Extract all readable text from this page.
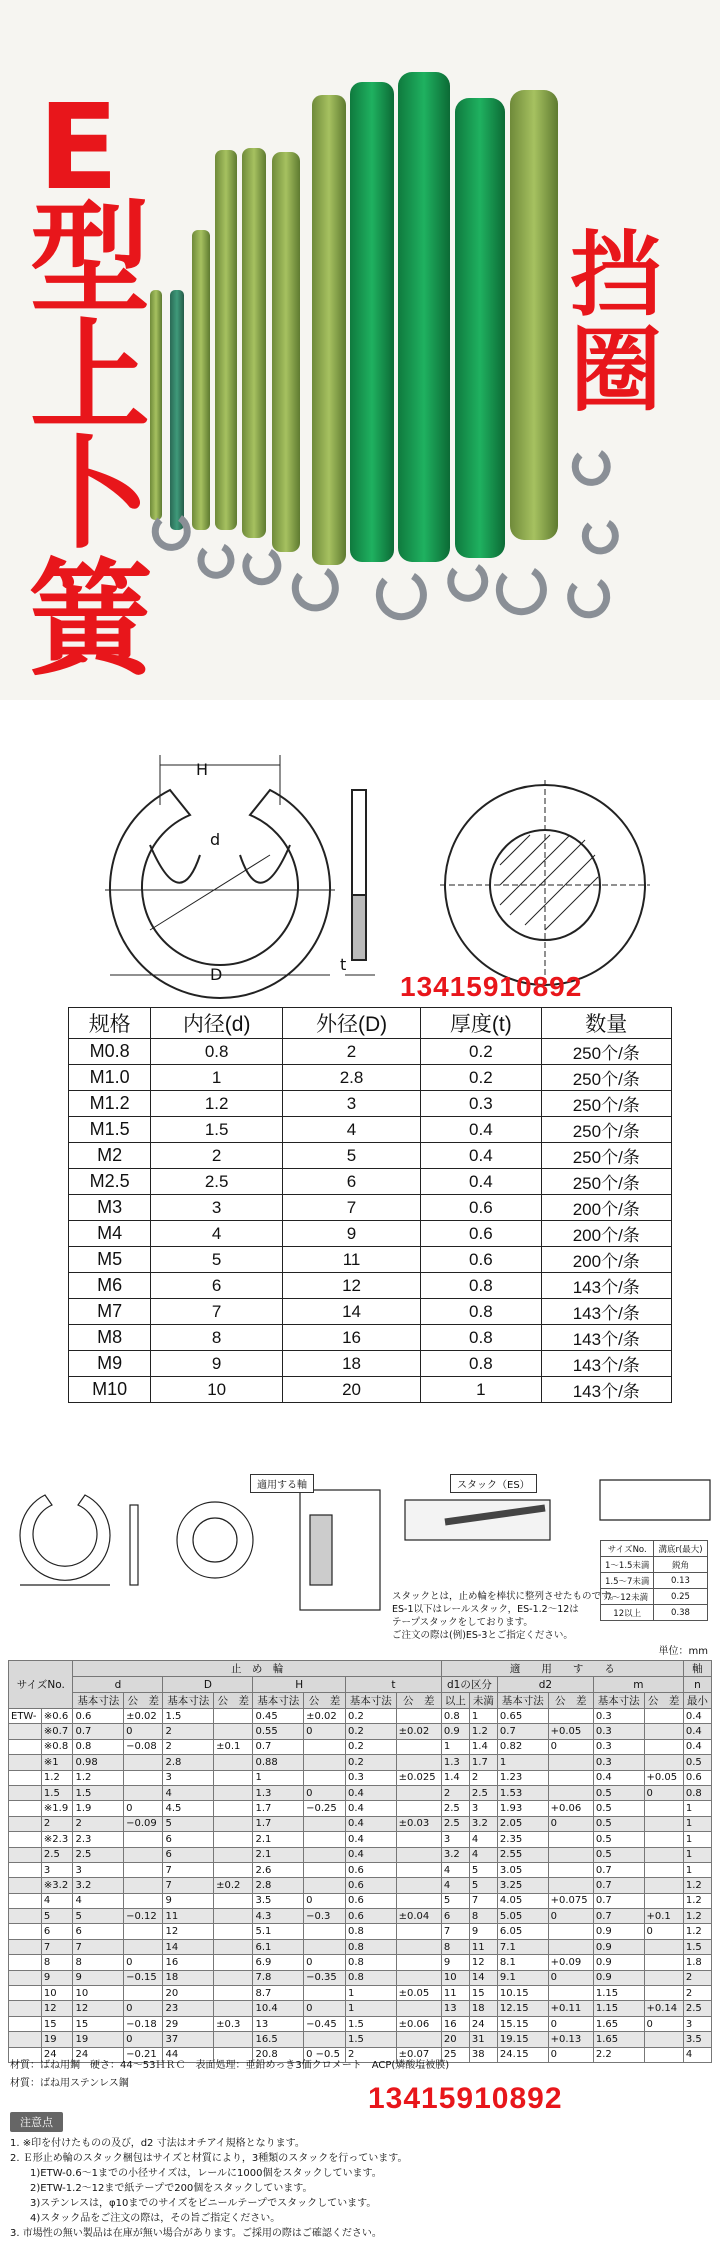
E
型
上
卜
簧
挡
圈
H
d
D
t
13415910892
规格	内径(d)	外径(D)	厚度(t)	数量
M0.8	0.8	2	0.2	250个/条
M1.0	1	2.8	0.2	250个/条
M1.2	1.2	3	0.3	250个/条
M1.5	1.5	4	0.4	250个/条
M2	2	5	0.4	250个/条
M2.5	2.5	6	0.4	250个/条
M3	3	7	0.6	200个/条
M4	4	9	0.6	200个/条
M5	5	11	0.6	200个/条
M6	6	12	0.8	143个/条
M7	7	14	0.8	143个/条
M8	8	16	0.8	143个/条
M9	9	18	0.8	143个/条
M10	10	20	1	143个/条
適用する軸	スタック（ES）
スタックとは，止め輪を棒状に整列させたものです。
ES-1以下はレールスタック，ES-1.2～12は
テープスタックをしております。
ご注文の際は(例)ES-3とご指定ください。
サイズNo.	溝底r(最大)
1～1.5未満	鋭角
1.5～7未満	0.13
7～12未満	0.25
12以上	0.38
単位：mm
サイズNo.		止　め　輪								適　　用　　す　　る						軸
		d		D		H		t		d1の区分		d2		m		n
		基本寸法	公　差	基本寸法	公　差	基本寸法	公　差	基本寸法	公　差	以上	未満	基本寸法	公　差	基本寸法	公　差	最小
ETW-	※0.6	0.6	±0.02	1.5		0.45	±0.02	0.2		0.8	1	0.65		0.3		0.4
	※0.7	0.7	0	2		0.55	0	0.2	±0.02	0.9	1.2	0.7	+0.05	0.3		0.4
	※0.8	0.8	−0.08	2	±0.1	0.7		0.2		1	1.4	0.82	0	0.3		0.4
	※1	0.98		2.8		0.88		0.2		1.3	1.7	1		0.3		0.5
	1.2	1.2		3		1		0.3	±0.025	1.4	2	1.23		0.4	+0.05	0.6
	1.5	1.5		4		1.3	0	0.4		2	2.5	1.53		0.5	0	0.8
	※1.9	1.9	0	4.5		1.7	−0.25	0.4		2.5	3	1.93	+0.06	0.5		1
	2	2	−0.09	5		1.7		0.4	±0.03	2.5	3.2	2.05	0	0.5		1
	※2.3	2.3		6		2.1		0.4		3	4	2.35		0.5		1
	2.5	2.5		6		2.1		0.4		3.2	4	2.55		0.5		1
	3	3		7		2.6		0.6		4	5	3.05		0.7		1
	※3.2	3.2		7	±0.2	2.8		0.6		4	5	3.25		0.7		1.2
	4	4		9		3.5	0	0.6		5	7	4.05	+0.075	0.7		1.2
	5	5	−0.12	11		4.3	−0.3	0.6	±0.04	6	8	5.05	0	0.7	+0.1	1.2
	6	6		12		5.1		0.8		7	9	6.05		0.9	0	1.2
	7	7		14		6.1		0.8		8	11	7.1		0.9		1.5
	8	8	0	16		6.9	0	0.8		9	12	8.1	+0.09	0.9		1.8
	9	9	−0.15	18		7.8	−0.35	0.8		10	14	9.1	0	0.9		2
	10	10		20		8.7		1	±0.05	11	15	10.15		1.15		2
	12	12	0	23		10.4	0	1		13	18	12.15	+0.11	1.15	+0.14	2.5
	15	15	−0.18	29	±0.3	13	−0.45	1.5	±0.06	16	24	15.15	0	1.65	0	3
	19	19	0	37		16.5		1.5		20	31	19.15	+0.13	1.65		3.5
	24	24	−0.21	44		20.8	0 −0.5	2	±0.07	25	38	24.15	0	2.2		4
材質：ばね用鋼　硬さ：44～53ＨＲＣ　表面処理：亜鉛めっき3価クロメート　ACP(燐酸塩被膜)
材質：ばね用ステンレス鋼	13415910892
注意点
1. ※印を付けたものの及び，d2 寸法はオチアイ規格となります。
2. Ｅ形止め輪のスタック梱包はサイズと材質により，3種類のスタックを行っています。
　　1)ETW-0.6～1までの小径サイズは，レールに1000個をスタックしています。
　　2)ETW-1.2～12まで紙テープで200個をスタックしています。
　　3)ステンレスは，φ10までのサイズをビニールテープでスタックしています。
　　4)スタック品をご注文の際は，その旨ご指定ください。
3. 市場性の無い製品は在庫が無い場合があります。ご採用の際はご確認ください。
